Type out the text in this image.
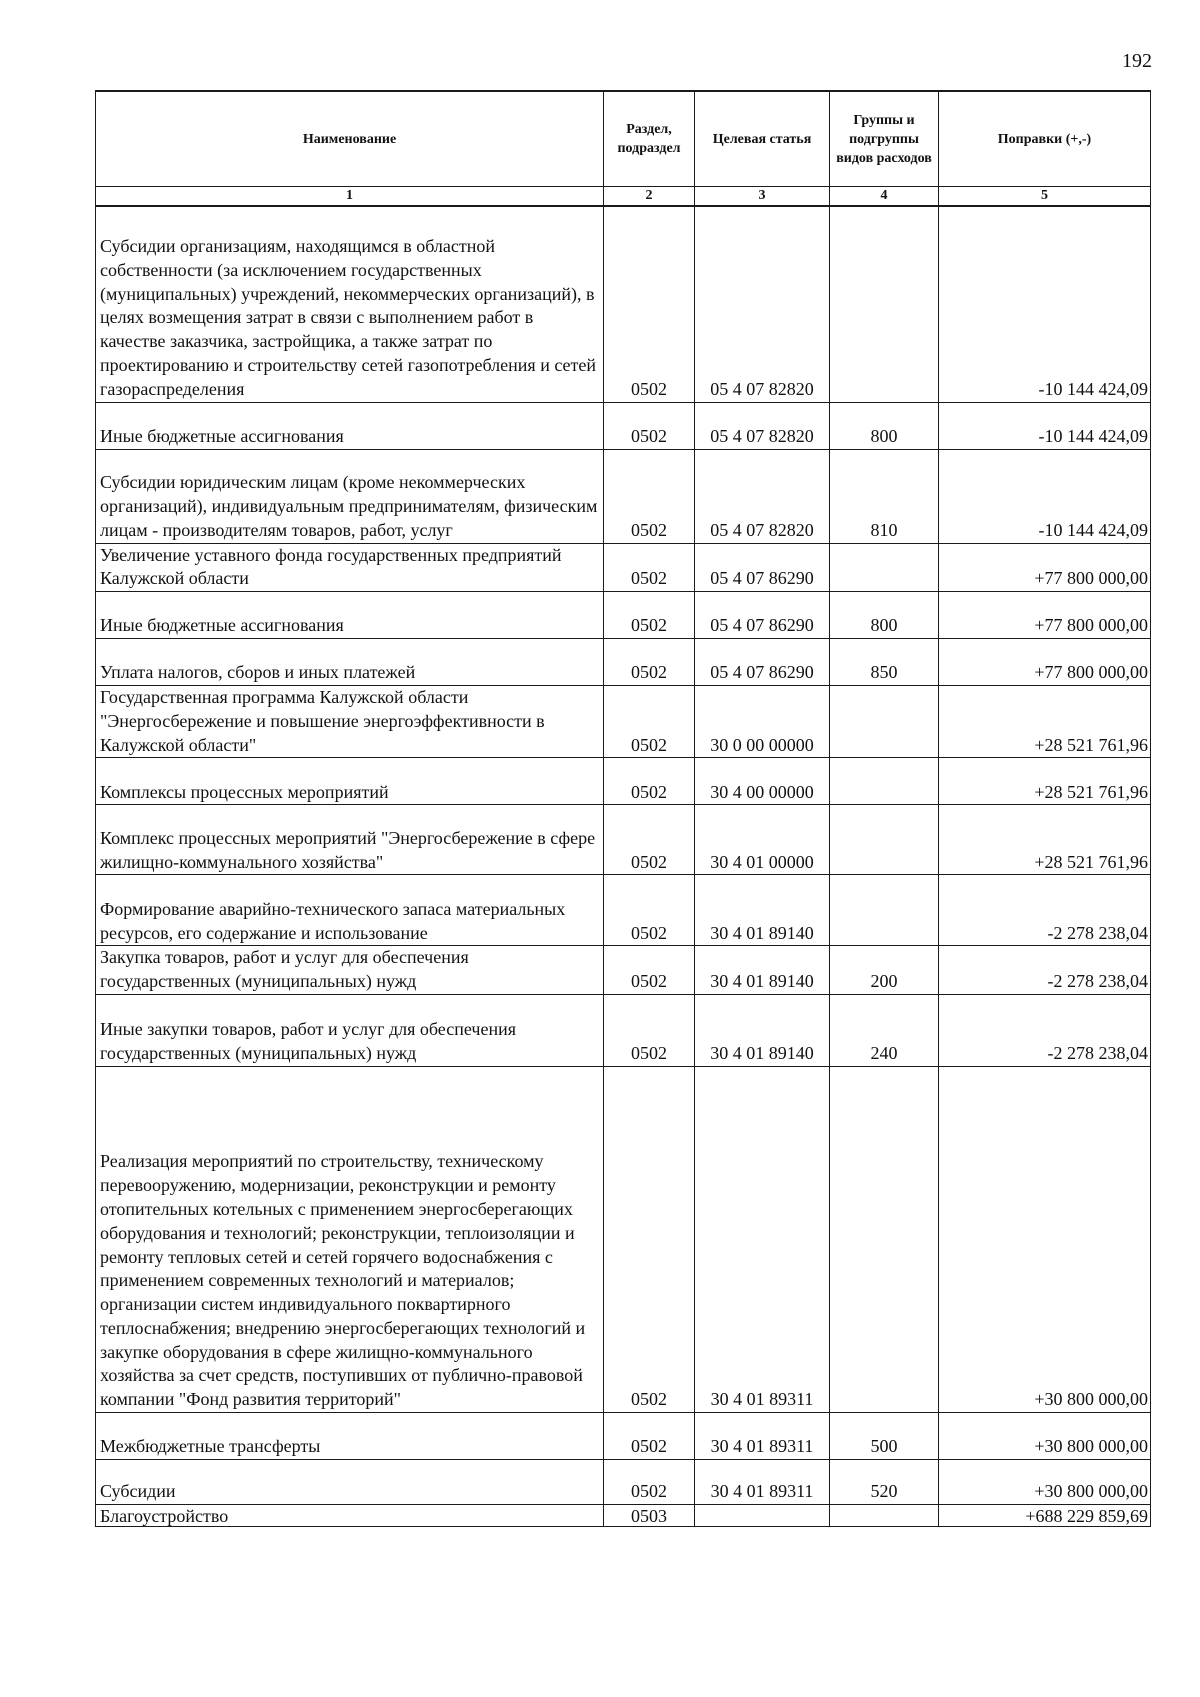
192
Наименование	Раздел, подраздел	Целевая статья	Группы и подгруппы видов расходов	Поправки (+,-)
1	2	3	4	5
Субсидии организациям, находящимся в областной собственности (за исключением государственных (муниципальных) учреждений, некоммерческих организаций), в целях возмещения затрат в связи с выполнением работ в качестве заказчика, застройщика, а также затрат по проектированию и строительству сетей газопотребления и сетей газораспределения	0502	05 4 07 82820		-10 144 424,09
Иные бюджетные ассигнования	0502	05 4 07 82820	800	-10 144 424,09
Субсидии юридическим лицам (кроме некоммерческих организаций), индивидуальным предпринимателям, физическим лицам - производителям товаров, работ, услуг	0502	05 4 07 82820	810	-10 144 424,09
Увеличение уставного фонда государственных предприятий Калужской области	0502	05 4 07 86290		+77 800 000,00
Иные бюджетные ассигнования	0502	05 4 07 86290	800	+77 800 000,00
Уплата налогов, сборов и иных платежей	0502	05 4 07 86290	850	+77 800 000,00
Государственная программа Калужской области "Энергосбережение и повышение энергоэффективности в Калужской области"	0502	30 0 00 00000		+28 521 761,96
Комплексы процессных мероприятий	0502	30 4 00 00000		+28 521 761,96
Комплекс процессных мероприятий "Энергосбережение в сфере жилищно-коммунального хозяйства"	0502	30 4 01 00000		+28 521 761,96
Формирование аварийно-технического запаса материальных ресурсов, его содержание и использование	0502	30 4 01 89140		-2 278 238,04
Закупка товаров, работ и услуг для обеспечения государственных (муниципальных) нужд	0502	30 4 01 89140	200	-2 278 238,04
Иные закупки товаров, работ и услуг для обеспечения государственных (муниципальных) нужд	0502	30 4 01 89140	240	-2 278 238,04
Реализация мероприятий по строительству, техническому перевооружению, модернизации, реконструкции и ремонту отопительных котельных с применением энергосберегающих оборудования и технологий; реконструкции, теплоизоляции и ремонту тепловых сетей и сетей горячего водоснабжения с применением современных технологий и материалов; организации систем индивидуального поквартирного теплоснабжения; внедрению энергосберегающих технологий и закупке оборудования в сфере жилищно-коммунального хозяйства за счет средств, поступивших от публично-правовой компании "Фонд развития территорий"	0502	30 4 01 89311		+30 800 000,00
Межбюджетные трансферты	0502	30 4 01 89311	500	+30 800 000,00
Субсидии	0502	30 4 01 89311	520	+30 800 000,00
Благоустройство	0503			+688 229 859,69
